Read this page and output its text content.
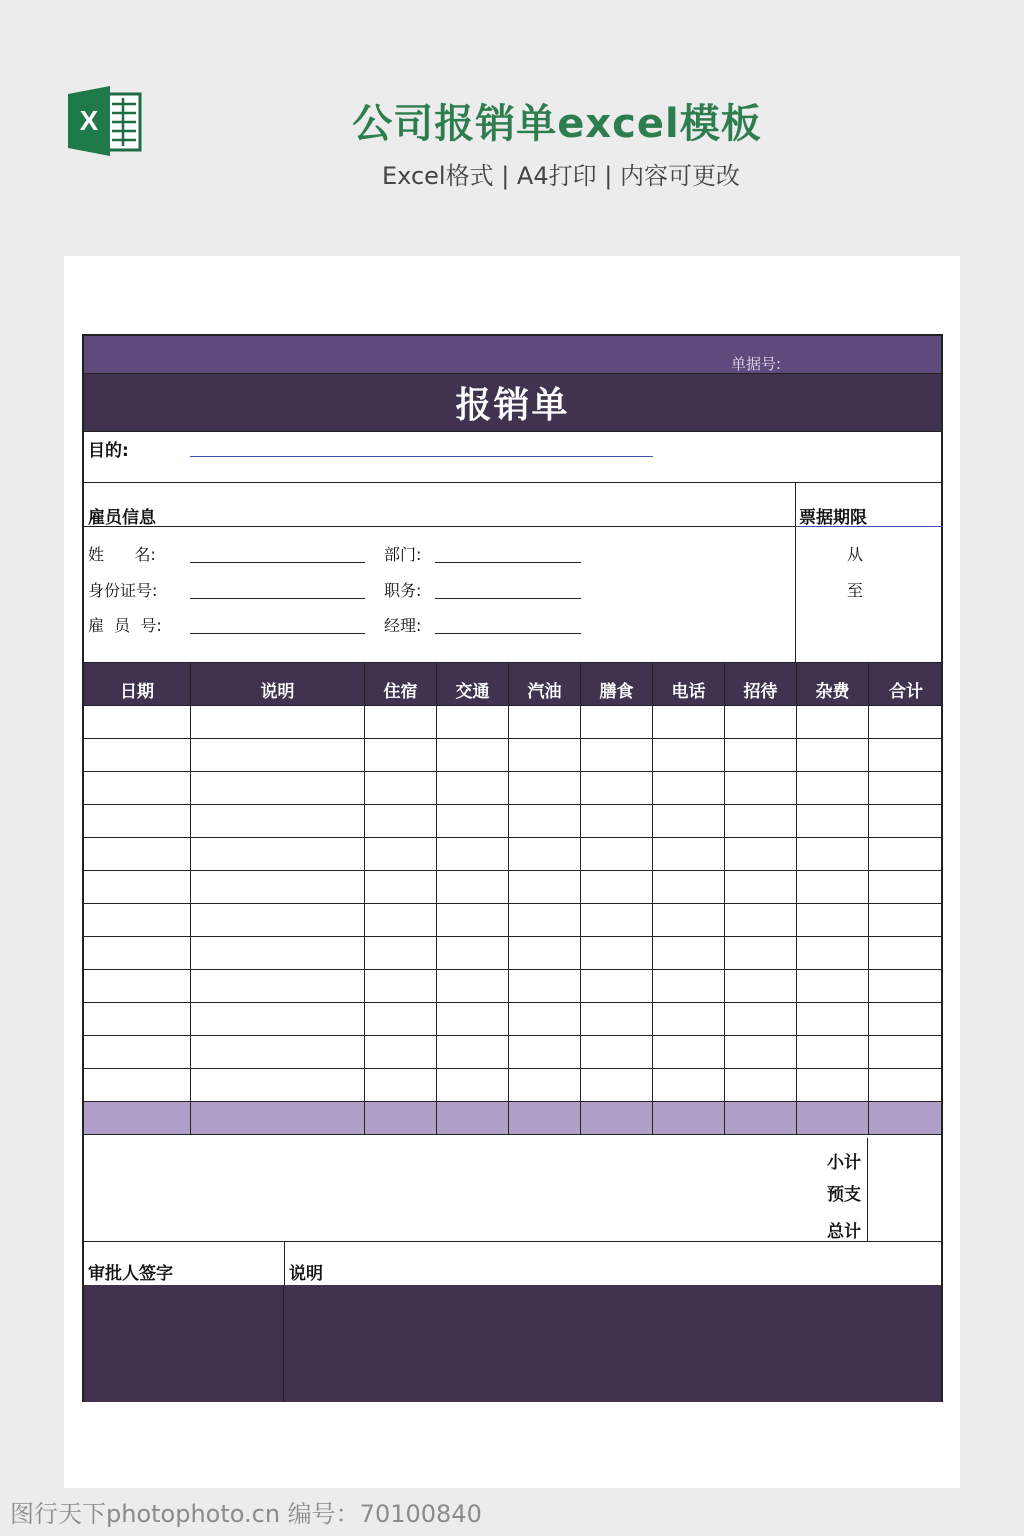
X	公司报销单excel模板
Excel格式 | A4打印 | 内容可更改
单据号:
报销单
目的:
雇员信息	票据期限
姓      名:	部门:	从
身份证号:	职务:	至
雇  员  号:	经理:
日期	说明	住宿	交通	汽油	膳食	电话	招待	杂费	合计
小计
预支
总计
审批人签字	说明
图行天下photophoto.cn 编号：70100840
